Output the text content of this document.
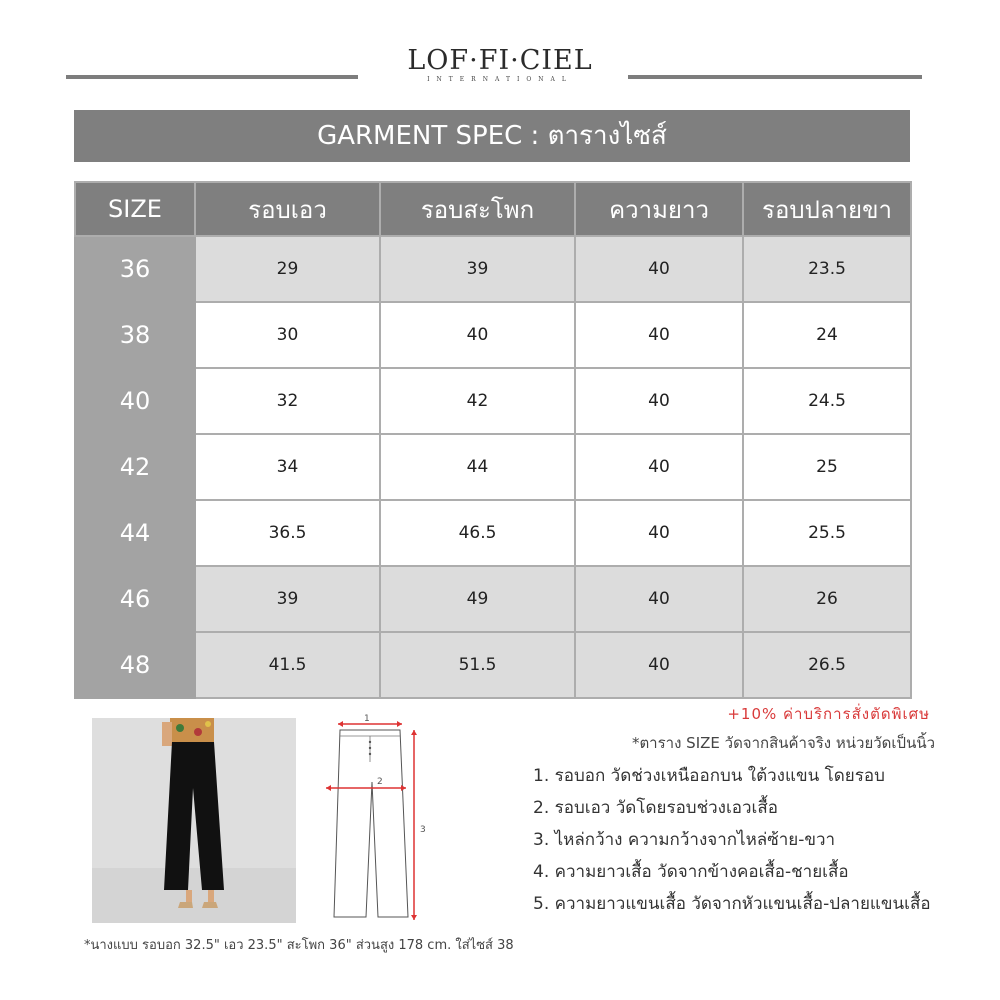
LOF·FI·CIEL
INTERNATIONAL
GARMENT SPEC : ตารางไซส์
SIZE	รอบเอว	รอบสะโพก	ความยาว	รอบปลายขา
36	29	39	40	23.5
38	30	40	40	24
40	32	42	40	24.5
42	34	44	40	25
44	36.5	46.5	40	25.5
46	39	49	40	26
48	41.5	51.5	40	26.5
1
2
3
+10% ค่าบริการสั่งตัดพิเศษ
*ตาราง SIZE วัดจากสินค้าจริง หน่วยวัดเป็นนิ้ว
1. รอบอก วัดช่วงเหนืออกบน ใต้วงแขน โดยรอบ
2. รอบเอว วัดโดยรอบช่วงเอวเสื้อ
3. ไหล่กว้าง ความกว้างจากไหล่ซ้าย-ขวา
4. ความยาวเสื้อ วัดจากข้างคอเสื้อ-ชายเสื้อ
5. ความยาวแขนเสื้อ วัดจากหัวแขนเสื้อ-ปลายแขนเสื้อ
*นางแบบ รอบอก 32.5" เอว 23.5" สะโพก 36" ส่วนสูง 178 cm. ใส่ไซส์ 38
